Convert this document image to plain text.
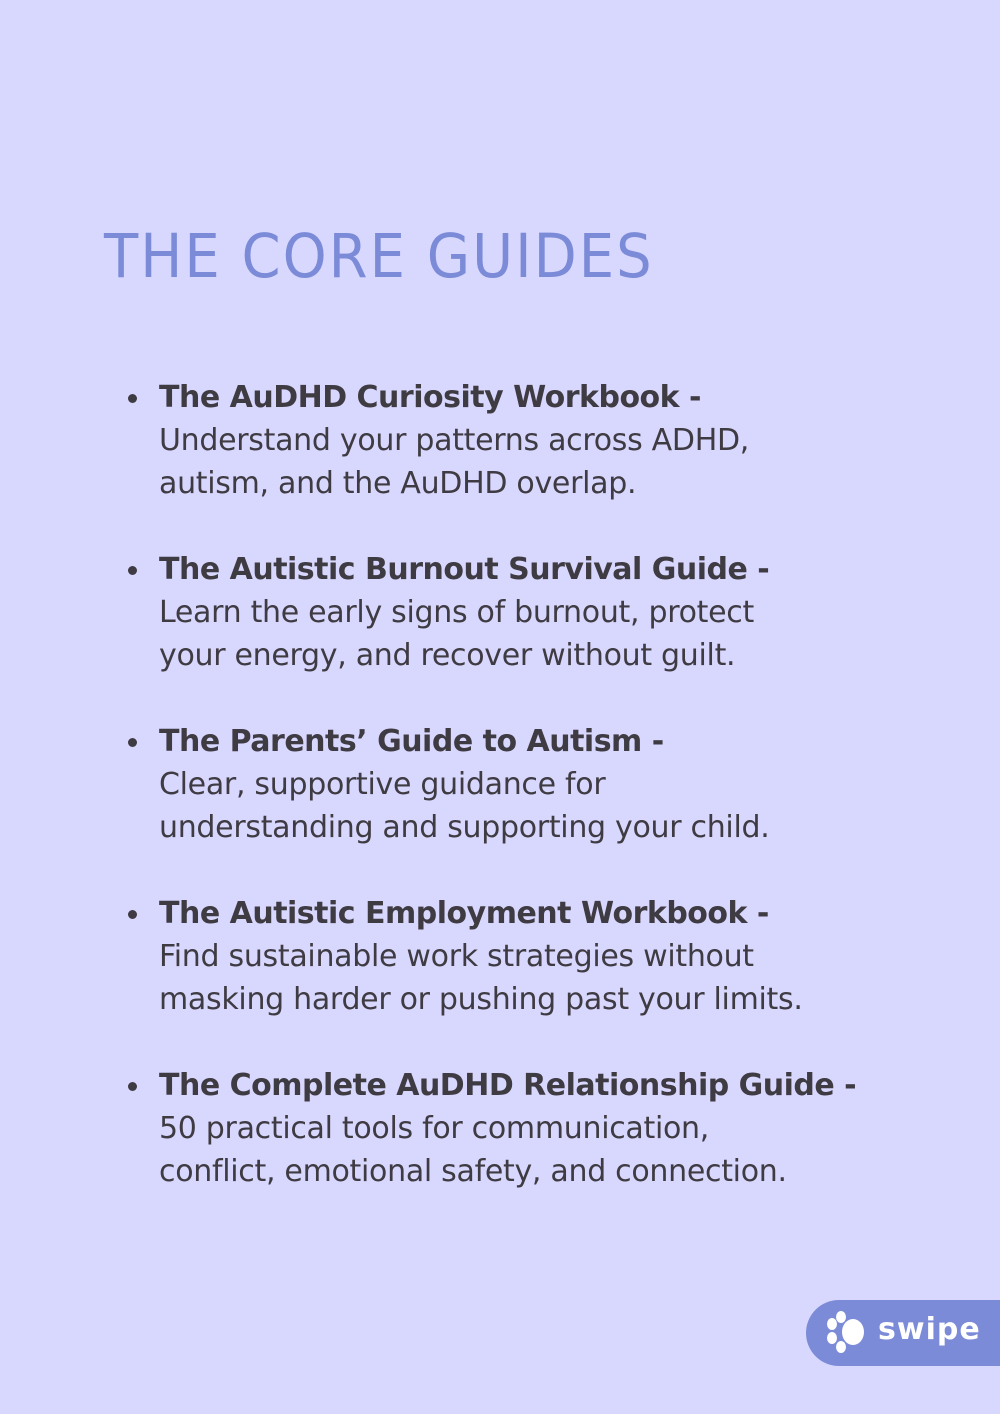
THE CORE GUIDES
The AuDHD Curiosity Workbook -
Understand your patterns across ADHD,
autism, and the AuDHD overlap.
The Autistic Burnout Survival Guide -
Learn the early signs of burnout, protect
your energy, and recover without guilt.
The Parents’ Guide to Autism -
Clear, supportive guidance for
understanding and supporting your child.
The Autistic Employment Workbook -
Find sustainable work strategies without
masking harder or pushing past your limits.
The Complete AuDHD Relationship Guide -
50 practical tools for communication,
conflict, emotional safety, and connection.
swipe
